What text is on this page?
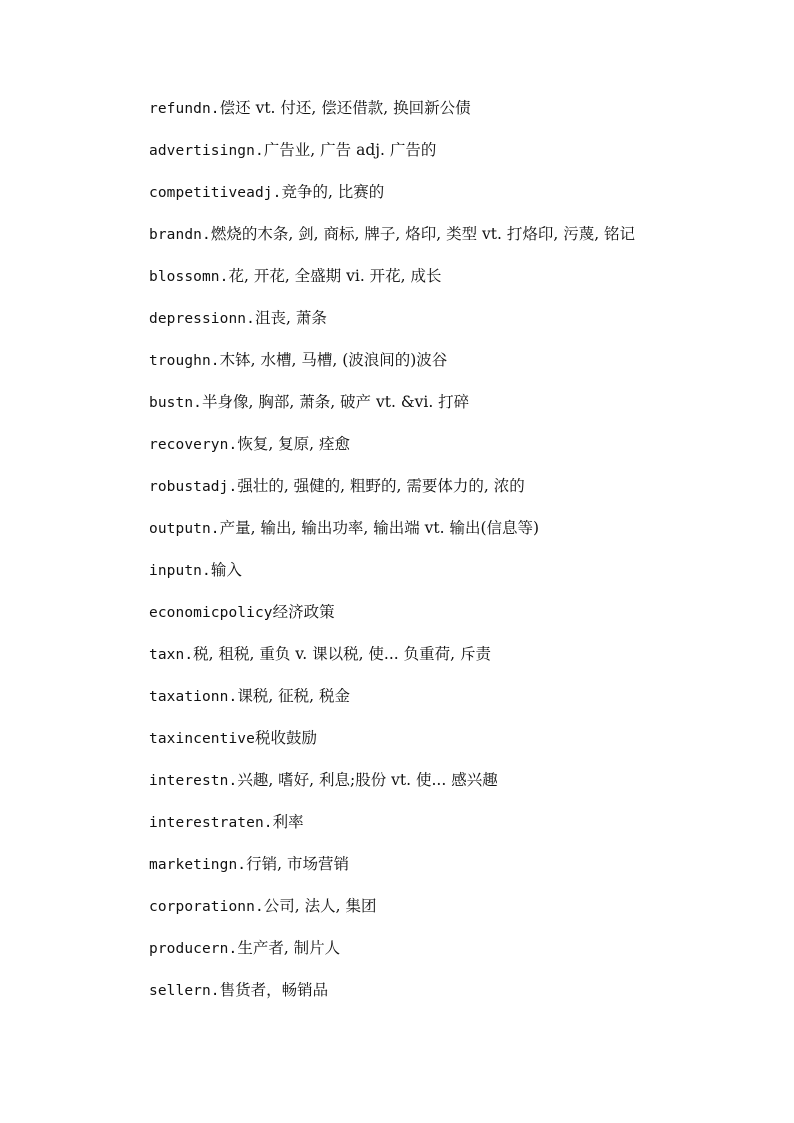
refundn.偿还 vt. 付还, 偿还借款, 换回新公债
advertisingn.广告业, 广告 adj. 广告的
competitiveadj.竞争的, 比赛的
brandn.燃烧的木条, 剑, 商标, 牌子, 烙印, 类型 vt. 打烙印, 污蔑, 铭记
blossomn.花, 开花, 全盛期 vi. 开花, 成长
depressionn.沮丧, 萧条
troughn.木钵, 水槽, 马槽, (波浪间的)波谷
bustn.半身像, 胸部, 萧条, 破产 vt. &vi. 打碎
recoveryn.恢复, 复原, 痊愈
robustadj.强壮的, 强健的, 粗野的, 需要体力的, 浓的
outputn.产量, 输出, 输出功率, 输出端 vt. 输出(信息等)
inputn.输入
economicpolicy经济政策
taxn.税, 租税, 重负 v. 课以税, 使... 负重荷, 斥责
taxationn.课税, 征税, 税金
taxincentive税收鼓励
interestn.兴趣, 嗜好, 利息;股份 vt. 使... 感兴趣
interestraten.利率
marketingn.行销, 市场营销
corporationn.公司, 法人, 集团
producern.生产者, 制片人
sellern.售货者，畅销品
